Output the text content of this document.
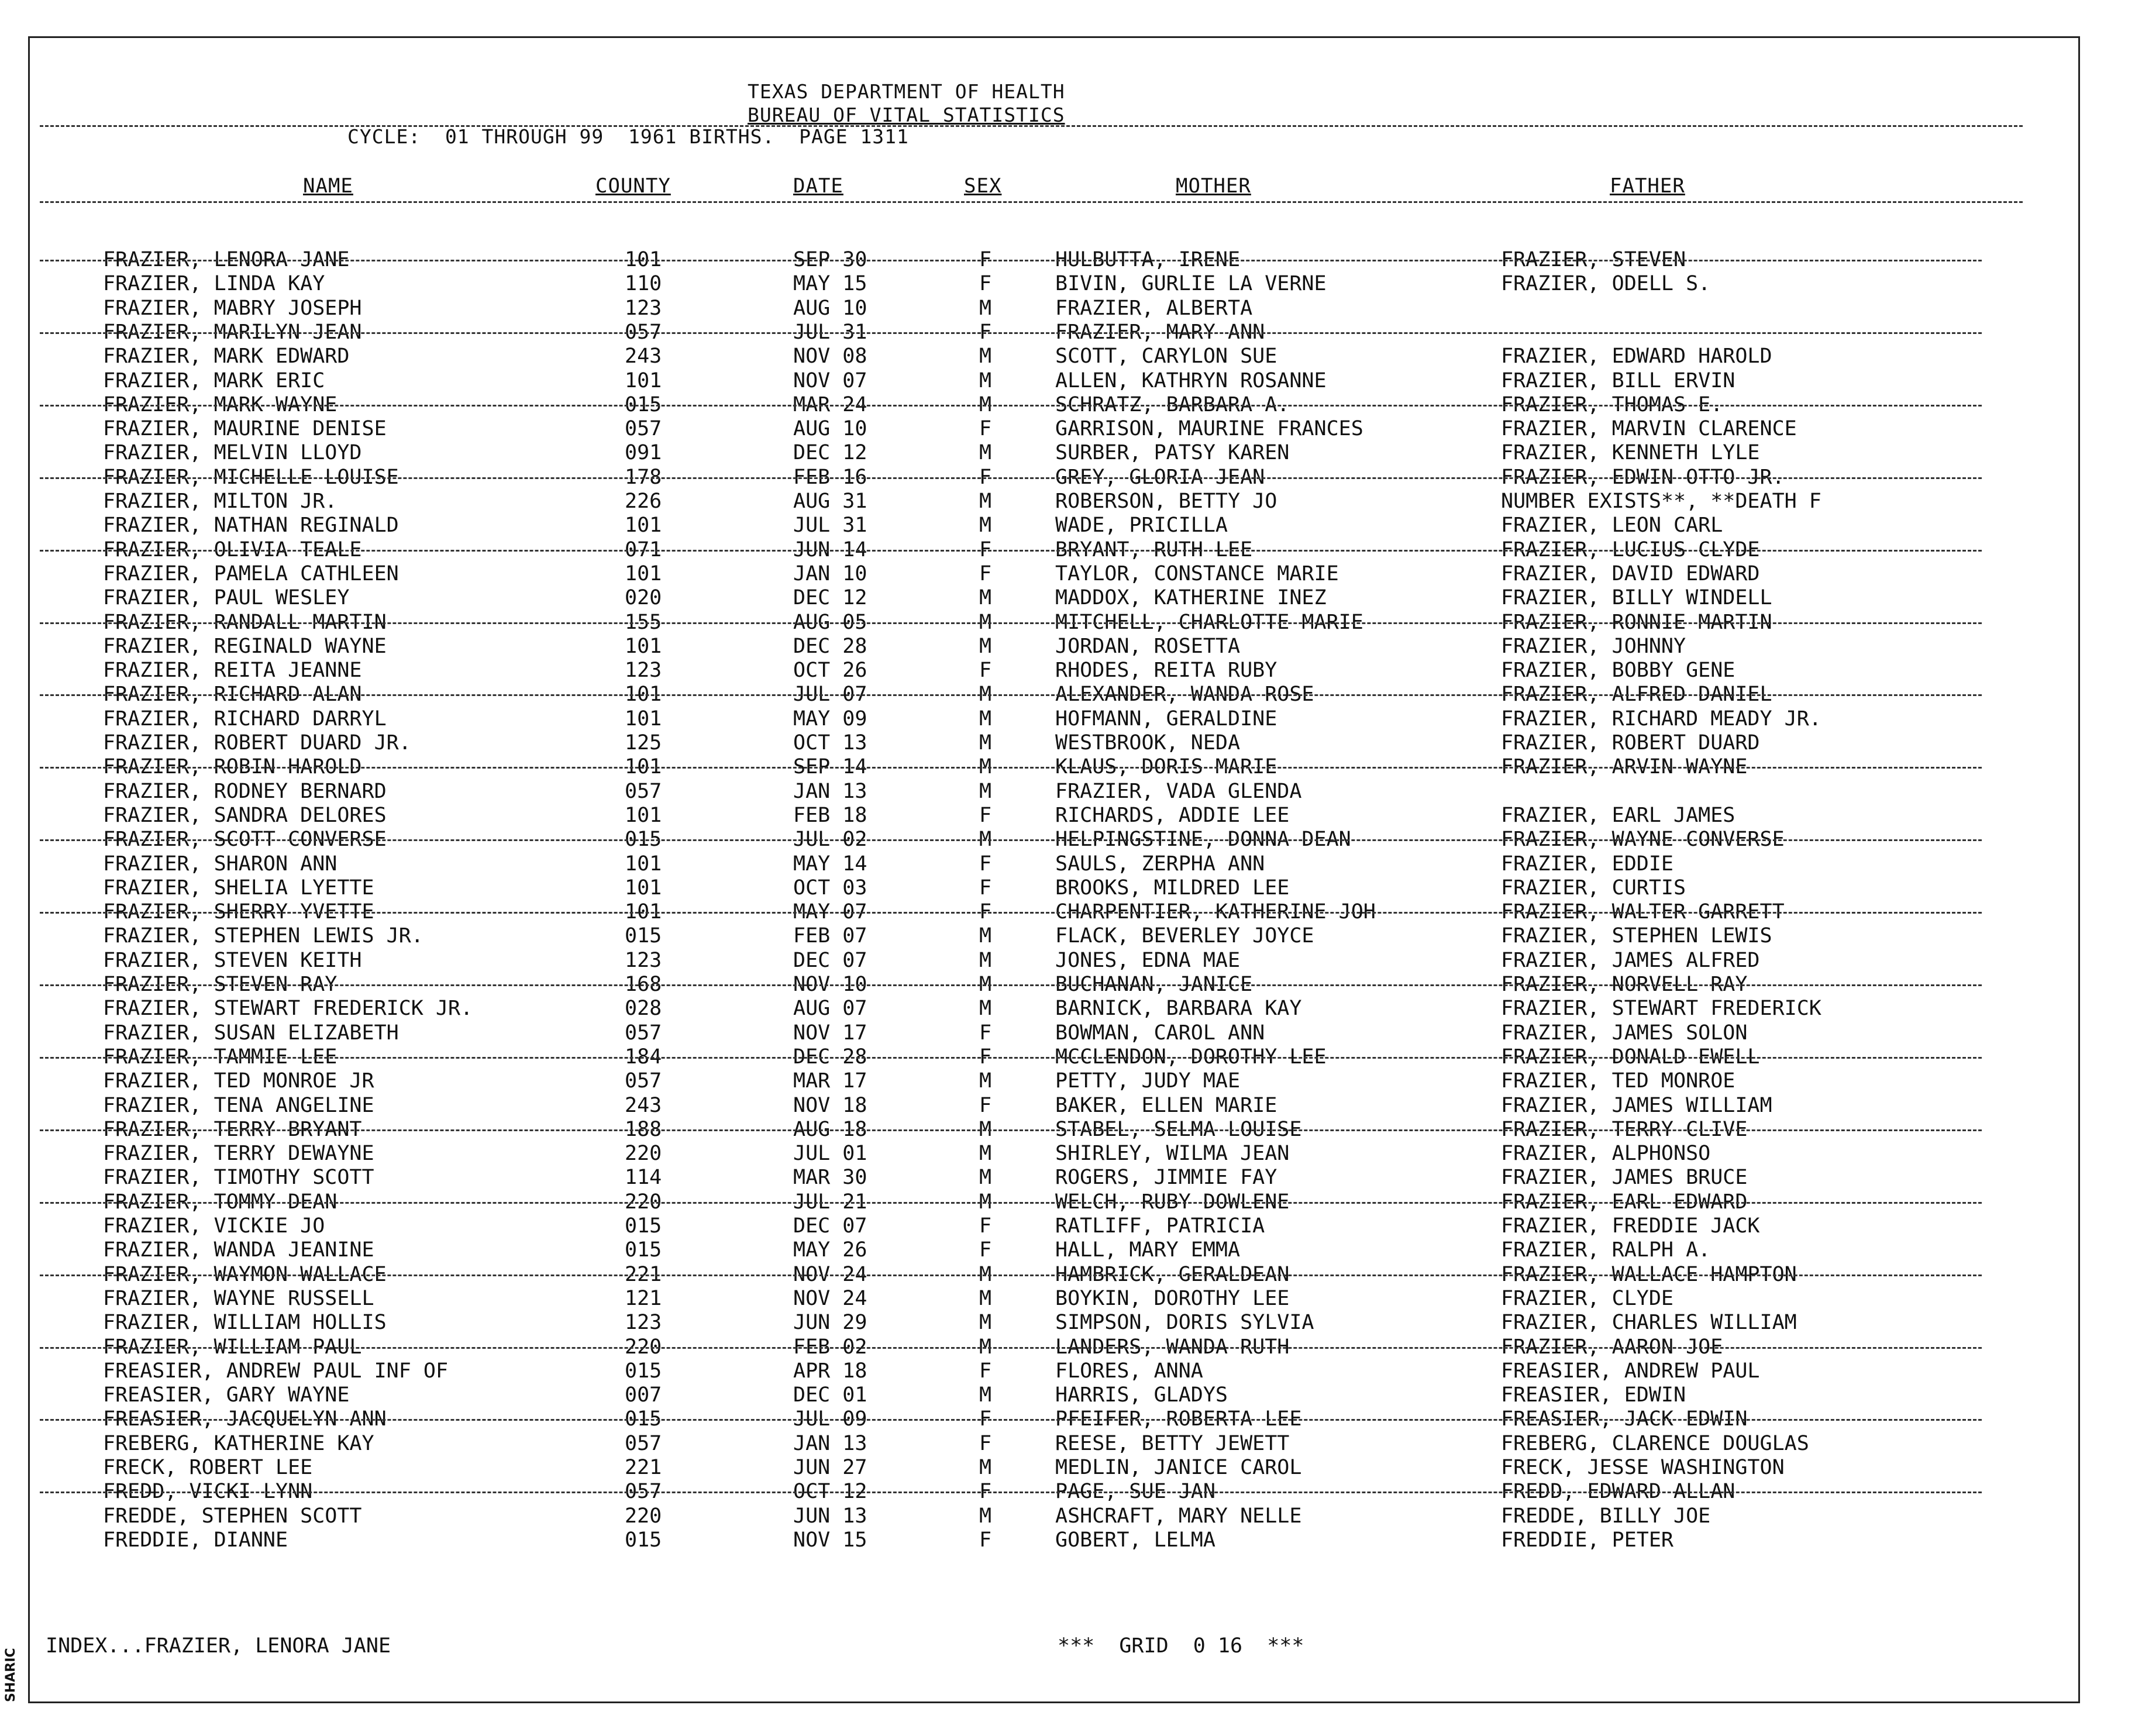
TEXAS DEPARTMENT OF HEALTH
BUREAU OF VITAL STATISTICS
CYCLE:  01 THROUGH 99  1961 BIRTHS.  PAGE 1311
NAME	COUNTY	DATE	SEX	MOTHER	FATHER
FRAZIER, LENORA JANE	101	SEP 30	F	HULBUTTA, IRENE	FRAZIER, STEVEN
FRAZIER, LINDA KAY	110	MAY 15	F	BIVIN, GURLIE LA VERNE	FRAZIER, ODELL S.
FRAZIER, MABRY JOSEPH	123	AUG 10	M	FRAZIER, ALBERTA
FRAZIER, MARILYN JEAN	057	JUL 31	F	FRAZIER, MARY ANN
FRAZIER, MARK EDWARD	243	NOV 08	M	SCOTT, CARYLON SUE	FRAZIER, EDWARD HAROLD
FRAZIER, MARK ERIC	101	NOV 07	M	ALLEN, KATHRYN ROSANNE	FRAZIER, BILL ERVIN
FRAZIER, MARK WAYNE	015	MAR 24	M	SCHRATZ, BARBARA A.	FRAZIER, THOMAS E.
FRAZIER, MAURINE DENISE	057	AUG 10	F	GARRISON, MAURINE FRANCES	FRAZIER, MARVIN CLARENCE
FRAZIER, MELVIN LLOYD	091	DEC 12	M	SURBER, PATSY KAREN	FRAZIER, KENNETH LYLE
FRAZIER, MICHELLE LOUISE	178	FEB 16	F	GREY, GLORIA JEAN	FRAZIER, EDWIN OTTO JR.
FRAZIER, MILTON JR.	226	AUG 31	M	ROBERSON, BETTY JO	NUMBER EXISTS**, **DEATH F
FRAZIER, NATHAN REGINALD	101	JUL 31	M	WADE, PRICILLA	FRAZIER, LEON CARL
FRAZIER, OLIVIA TEALE	071	JUN 14	F	BRYANT, RUTH LEE	FRAZIER, LUCIUS CLYDE
FRAZIER, PAMELA CATHLEEN	101	JAN 10	F	TAYLOR, CONSTANCE MARIE	FRAZIER, DAVID EDWARD
FRAZIER, PAUL WESLEY	020	DEC 12	M	MADDOX, KATHERINE INEZ	FRAZIER, BILLY WINDELL
FRAZIER, RANDALL MARTIN	155	AUG 05	M	MITCHELL, CHARLOTTE MARIE	FRAZIER, RONNIE MARTIN
FRAZIER, REGINALD WAYNE	101	DEC 28	M	JORDAN, ROSETTA	FRAZIER, JOHNNY
FRAZIER, REITA JEANNE	123	OCT 26	F	RHODES, REITA RUBY	FRAZIER, BOBBY GENE
FRAZIER, RICHARD ALAN	101	JUL 07	M	ALEXANDER, WANDA ROSE	FRAZIER, ALFRED DANIEL
FRAZIER, RICHARD DARRYL	101	MAY 09	M	HOFMANN, GERALDINE	FRAZIER, RICHARD MEADY JR.
FRAZIER, ROBERT DUARD JR.	125	OCT 13	M	WESTBROOK, NEDA	FRAZIER, ROBERT DUARD
FRAZIER, ROBIN HAROLD	101	SEP 14	M	KLAUS, DORIS MARIE	FRAZIER, ARVIN WAYNE
FRAZIER, RODNEY BERNARD	057	JAN 13	M	FRAZIER, VADA GLENDA
FRAZIER, SANDRA DELORES	101	FEB 18	F	RICHARDS, ADDIE LEE	FRAZIER, EARL JAMES
FRAZIER, SCOTT CONVERSE	015	JUL 02	M	HELPINGSTINE, DONNA DEAN	FRAZIER, WAYNE CONVERSE
FRAZIER, SHARON ANN	101	MAY 14	F	SAULS, ZERPHA ANN	FRAZIER, EDDIE
FRAZIER, SHELIA LYETTE	101	OCT 03	F	BROOKS, MILDRED LEE	FRAZIER, CURTIS
FRAZIER, SHERRY YVETTE	101	MAY 07	F	CHARPENTIER, KATHERINE JOH	FRAZIER, WALTER GARRETT
FRAZIER, STEPHEN LEWIS JR.	015	FEB 07	M	FLACK, BEVERLEY JOYCE	FRAZIER, STEPHEN LEWIS
FRAZIER, STEVEN KEITH	123	DEC 07	M	JONES, EDNA MAE	FRAZIER, JAMES ALFRED
FRAZIER, STEVEN RAY	168	NOV 10	M	BUCHANAN, JANICE	FRAZIER, NORVELL RAY
FRAZIER, STEWART FREDERICK JR.	028	AUG 07	M	BARNICK, BARBARA KAY	FRAZIER, STEWART FREDERICK
FRAZIER, SUSAN ELIZABETH	057	NOV 17	F	BOWMAN, CAROL ANN	FRAZIER, JAMES SOLON
FRAZIER, TAMMIE LEE	184	DEC 28	F	MCCLENDON, DOROTHY LEE	FRAZIER, DONALD EWELL
FRAZIER, TED MONROE JR	057	MAR 17	M	PETTY, JUDY MAE	FRAZIER, TED MONROE
FRAZIER, TENA ANGELINE	243	NOV 18	F	BAKER, ELLEN MARIE	FRAZIER, JAMES WILLIAM
FRAZIER, TERRY BRYANT	188	AUG 18	M	STABEL, SELMA LOUISE	FRAZIER, TERRY CLIVE
FRAZIER, TERRY DEWAYNE	220	JUL 01	M	SHIRLEY, WILMA JEAN	FRAZIER, ALPHONSO
FRAZIER, TIMOTHY SCOTT	114	MAR 30	M	ROGERS, JIMMIE FAY	FRAZIER, JAMES BRUCE
FRAZIER, TOMMY DEAN	220	JUL 21	M	WELCH, RUBY DOWLENE	FRAZIER, EARL EDWARD
FRAZIER, VICKIE JO	015	DEC 07	F	RATLIFF, PATRICIA	FRAZIER, FREDDIE JACK
FRAZIER, WANDA JEANINE	015	MAY 26	F	HALL, MARY EMMA	FRAZIER, RALPH A.
FRAZIER, WAYMON WALLACE	221	NOV 24	M	HAMBRICK, GERALDEAN	FRAZIER, WALLACE HAMPTON
FRAZIER, WAYNE RUSSELL	121	NOV 24	M	BOYKIN, DOROTHY LEE	FRAZIER, CLYDE
FRAZIER, WILLIAM HOLLIS	123	JUN 29	M	SIMPSON, DORIS SYLVIA	FRAZIER, CHARLES WILLIAM
FRAZIER, WILLIAM PAUL	220	FEB 02	M	LANDERS, WANDA RUTH	FRAZIER, AARON JOE
FREASIER, ANDREW PAUL INF OF	015	APR 18	F	FLORES, ANNA	FREASIER, ANDREW PAUL
FREASIER, GARY WAYNE	007	DEC 01	M	HARRIS, GLADYS	FREASIER, EDWIN
FREASIER, JACQUELYN ANN	015	JUL 09	F	PFEIFER, ROBERTA LEE	FREASIER, JACK EDWIN
FREBERG, KATHERINE KAY	057	JAN 13	F	REESE, BETTY JEWETT	FREBERG, CLARENCE DOUGLAS
FRECK, ROBERT LEE	221	JUN 27	M	MEDLIN, JANICE CAROL	FRECK, JESSE WASHINGTON
FREDD, VICKI LYNN	057	OCT 12	F	PAGE, SUE JAN	FREDD, EDWARD ALLAN
FREDDE, STEPHEN SCOTT	220	JUN 13	M	ASHCRAFT, MARY NELLE	FREDDE, BILLY JOE
FREDDIE, DIANNE	015	NOV 15	F	GOBERT, LELMA	FREDDIE, PETER
INDEX...FRAZIER, LENORA JANE	***  GRID  0 16  ***
SHARIC
